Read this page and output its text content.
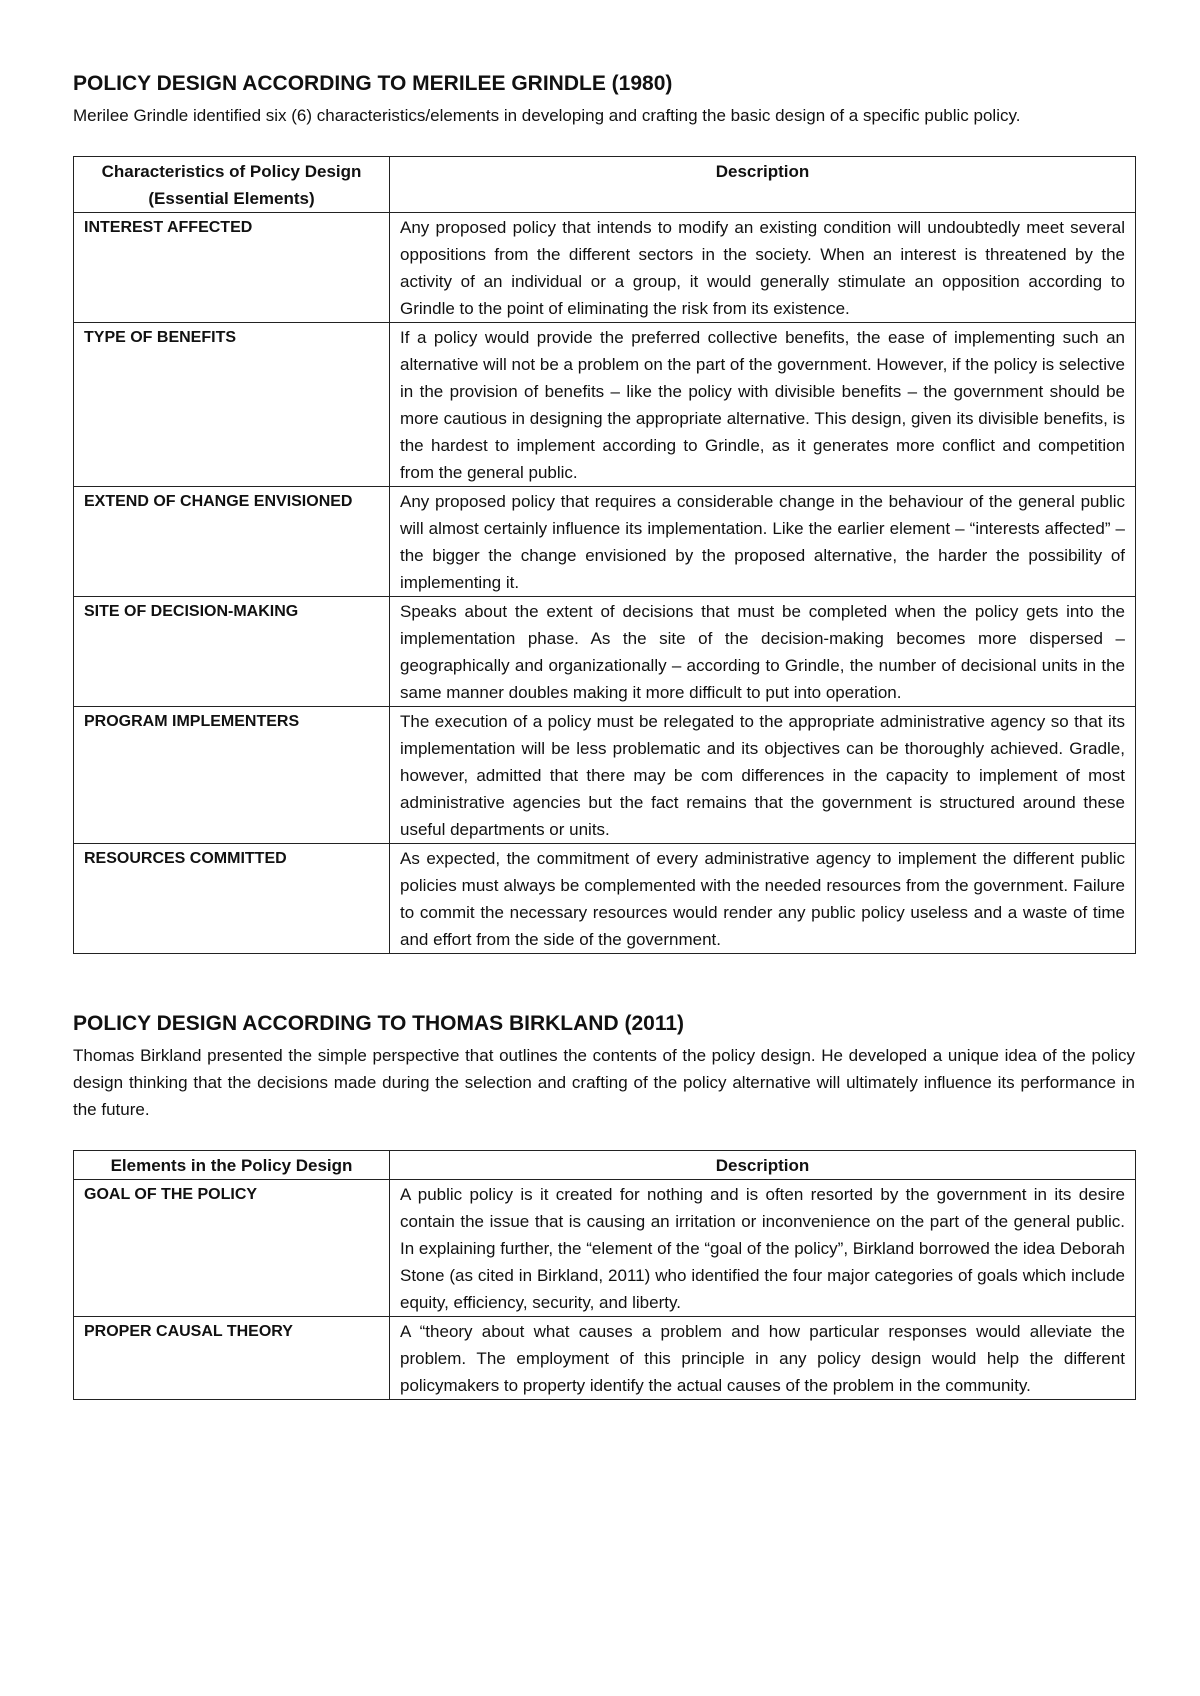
POLICY DESIGN ACCORDING TO MERILEE GRINDLE (1980)

Merilee Grindle identified six (6) characteristics/elements in developing and crafting the basic design of a specific public policy.

Characteristics of Policy Design
(Essential Elements)	Description
INTEREST AFFECTED	Any proposed policy that intends to modify an existing condition will undoubtedly meet several oppositions from the different sectors in the society. When an interest is threatened by the activity of an individual or a group, it would generally stimulate an opposition according to Grindle to the point of eliminating the risk from its existence.
TYPE OF BENEFITS	If a policy would provide the preferred collective benefits, the ease of implementing such an alternative will not be a problem on the part of the government. However, if the policy is selective in the provision of benefits – like the policy with divisible benefits – the government should be more cautious in designing the appropriate alternative. This design, given its divisible benefits, is the hardest to implement according to Grindle, as it generates more conflict and competition from the general public.
EXTEND OF CHANGE ENVISIONED	Any proposed policy that requires a considerable change in the behaviour of the general public will almost certainly influence its implementation. Like the earlier element – “interests affected” – the bigger the change envisioned by the proposed alternative, the harder the possibility of implementing it.
SITE OF DECISION-MAKING	Speaks about the extent of decisions that must be completed when the policy gets into the implementation phase. As the site of the decision-making becomes more dispersed – geographically and organizationally – according to Grindle, the number of decisional units in the same manner doubles making it more difficult to put into operation.
PROGRAM IMPLEMENTERS	The execution of a policy must be relegated to the appropriate administrative agency so that its implementation will be less problematic and its objectives can be thoroughly achieved. Gradle, however, admitted that there may be com differences in the capacity to implement of most administrative agencies but the fact remains that the government is structured around these useful departments or units.
RESOURCES COMMITTED	As expected, the commitment of every administrative agency to implement the different public policies must always be complemented with the needed resources from the government. Failure to commit the necessary resources would render any public policy useless and a waste of time and effort from the side of the government.
POLICY DESIGN ACCORDING TO THOMAS BIRKLAND (2011)

Thomas Birkland presented the simple perspective that outlines the contents of the policy design. He developed a unique idea of the policy design thinking that the decisions made during the selection and crafting of the policy alternative will ultimately influence its performance in the future.

Elements in the Policy Design	Description
GOAL OF THE POLICY	A public policy is it created for nothing and is often resorted by the government in its desire contain the issue that is causing an irritation or inconvenience on the part of the general public. In explaining further, the “element of the “goal of the policy”, Birkland borrowed the idea Deborah Stone (as cited in Birkland, 2011) who identified the four major categories of goals which include equity, efficiency, security, and liberty.
PROPER CAUSAL THEORY	A “theory about what causes a problem and how particular responses would alleviate the problem. The employment of this principle in any policy design would help the different policymakers to property identify the actual causes of the problem in the community.
